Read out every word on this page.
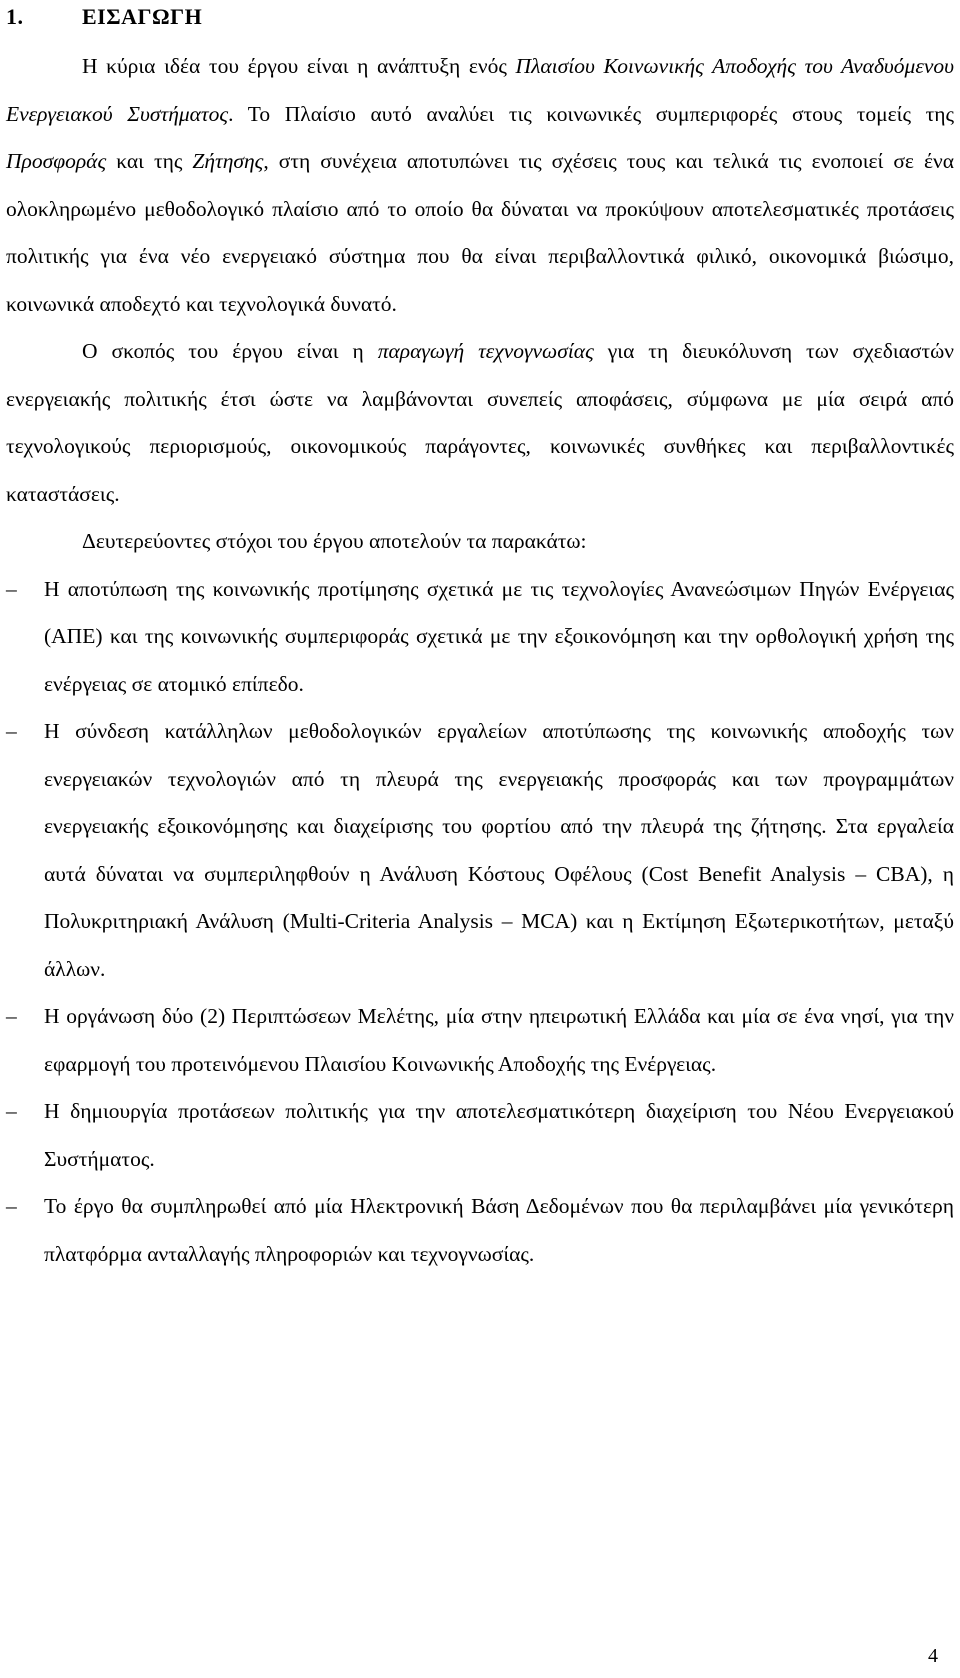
1.	ΕΙΣΑΓΩΓΗ

Η κύρια ιδέα του έργου είναι η ανάπτυξη ενός Πλαισίου Κοινωνικής Αποδοχής του Αναδυόμενου Ενεργειακού Συστήματος. Το Πλαίσιο αυτό αναλύει τις κοινωνικές συμπεριφορές στους τομείς της Προσφοράς και της Ζήτησης, στη συνέχεια αποτυπώνει τις σχέσεις τους και τελικά τις ενοποιεί σε ένα ολοκληρωμένο μεθοδολογικό πλαίσιο από το οποίο θα δύναται να προκύψουν αποτελεσματικές προτάσεις πολιτικής για ένα νέο ενεργειακό σύστημα που θα είναι περιβαλλοντικά φιλικό, οικονομικά βιώσιμο, κοινωνικά αποδεχτό και τεχνολογικά δυνατό.

Ο σκοπός του έργου είναι η παραγωγή τεχνογνωσίας για τη διευκόλυνση των σχεδιαστών ενεργειακής πολιτικής έτσι ώστε να λαμβάνονται συνεπείς αποφάσεις, σύμφωνα με μία σειρά από τεχνολογικούς περιορισμούς, οικονομικούς παράγοντες, κοινωνικές συνθήκες και περιβαλλοντικές καταστάσεις.

Δευτερεύοντες στόχοι του έργου αποτελούν τα παρακάτω:

–	Η αποτύπωση της κοινωνικής προτίμησης σχετικά με τις τεχνολογίες Ανανεώσιμων Πηγών Ενέργειας (ΑΠΕ) και της κοινωνικής συμπεριφοράς σχετικά με την εξοικονόμηση και την ορθολογική χρήση της ενέργειας σε ατομικό επίπεδο.
–	Η σύνδεση κατάλληλων μεθοδολογικών εργαλείων αποτύπωσης της κοινωνικής αποδοχής των ενεργειακών τεχνολογιών από τη πλευρά της ενεργειακής προσφοράς και των προγραμμάτων ενεργειακής εξοικονόμησης και διαχείρισης του φορτίου από την πλευρά της ζήτησης. Στα εργαλεία αυτά δύναται να συμπεριληφθούν η Ανάλυση Κόστους Οφέλους (Cost Benefit Analysis – CBA), η Πολυκριτηριακή Ανάλυση (Multi-Criteria Analysis – MCA) και η Εκτίμηση Εξωτερικοτήτων, μεταξύ άλλων.
–	Η οργάνωση δύο (2) Περιπτώσεων Μελέτης, μία στην ηπειρωτική Ελλάδα και μία σε ένα νησί, για την εφαρμογή του προτεινόμενου Πλαισίου Κοινωνικής Αποδοχής της Ενέργειας.
–	Η δημιουργία προτάσεων πολιτικής για την αποτελεσματικότερη διαχείριση του Νέου Ενεργειακού Συστήματος.
–	Το έργο θα συμπληρωθεί από μία Ηλεκτρονική Βάση Δεδομένων που θα περιλαμβάνει μία γενικότερη πλατφόρμα ανταλλαγής πληροφοριών και τεχνογνωσίας.
4
